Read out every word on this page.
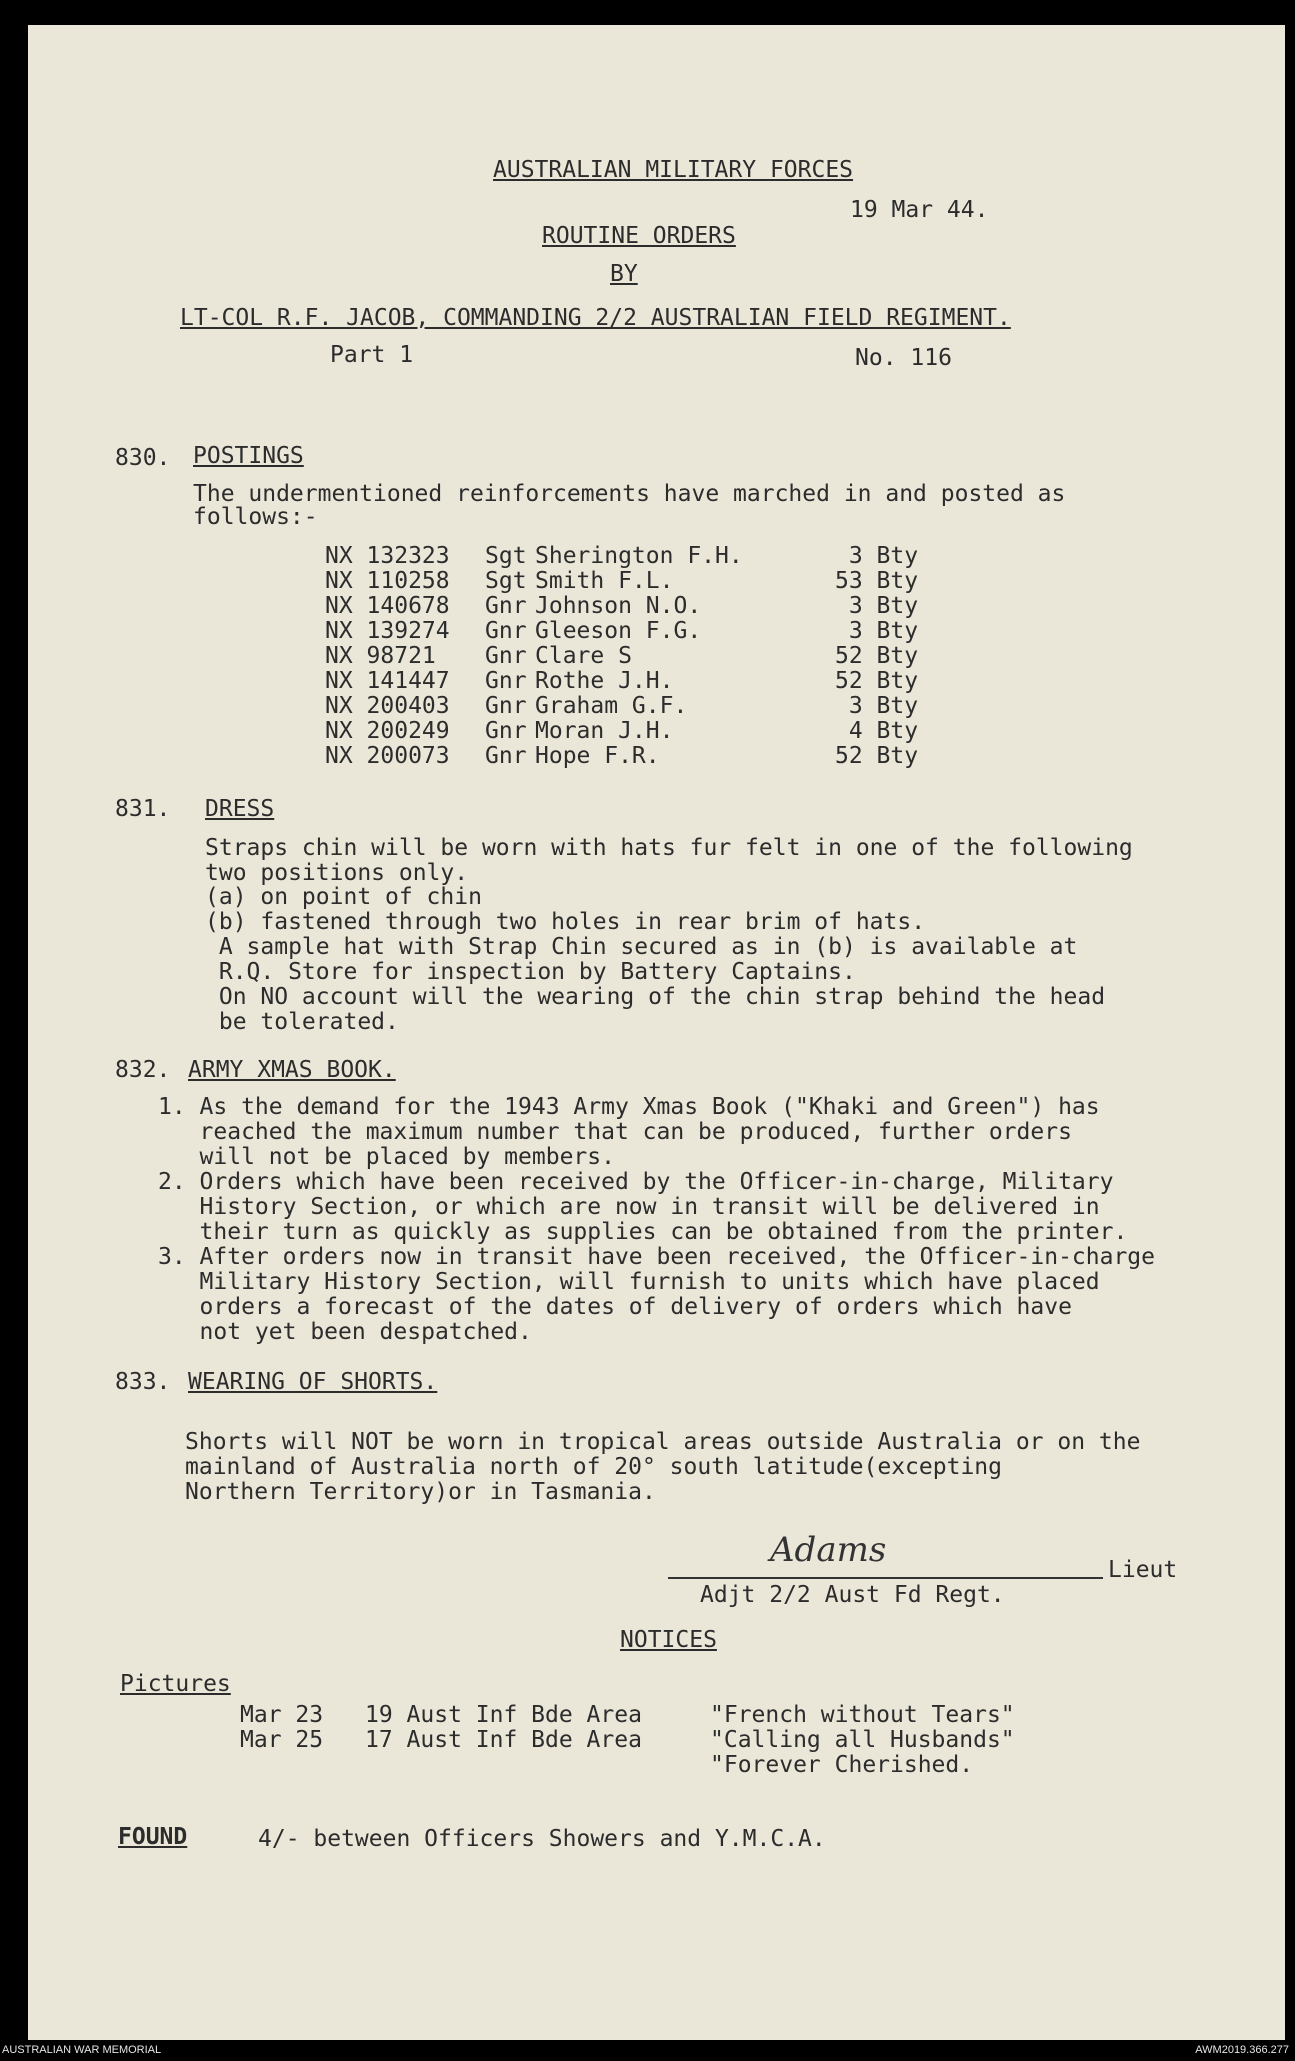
AUSTRALIAN MILITARY FORCES
19 Mar 44.
ROUTINE ORDERS
BY
LT-COL R.F. JACOB, COMMANDING 2/2 AUSTRALIAN FIELD REGIMENT.
Part 1	No. 116
830. POSTINGS
The undermentioned reinforcements have marched in and posted as
follows:-
NX 132323	Sgt	Sherington F.H.	3 Bty
NX 110258	Sgt	Smith F.L.	53 Bty
NX 140678	Gnr	Johnson N.O.	3 Bty
NX 139274	Gnr	Gleeson F.G.	3 Bty
NX 98721	Gnr	Clare S	52 Bty
NX 141447	Gnr	Rothe J.H.	52 Bty
NX 200403	Gnr	Graham G.F.	3 Bty
NX 200249	Gnr	Moran J.H.	4 Bty
NX 200073	Gnr	Hope F.R.	52 Bty
831. DRESS
Straps chin will be worn with hats fur felt in one of the following
two positions only.
(a) on point of chin
(b) fastened through two holes in rear brim of hats.
A sample hat with Strap Chin secured as in (b) is available at
R.Q. Store for inspection by Battery Captains.
On NO account will the wearing of the chin strap behind the head
be tolerated.
832. ARMY XMAS BOOK.
1. As the demand for the 1943 Army Xmas Book ("Khaki and Green") has
reached the maximum number that can be produced, further orders
will not be placed by members.
2. Orders which have been received by the Officer-in-charge, Military
History Section, or which are now in transit will be delivered in
their turn as quickly as supplies can be obtained from the printer.
3. After orders now in transit have been received, the Officer-in-charge
Military History Section, will furnish to units which have placed
orders a forecast of the dates of delivery of orders which have
not yet been despatched.
833. WEARING OF SHORTS.
Shorts will NOT be worn in tropical areas outside Australia or on the
mainland of Australia north of 20° south latitude(excepting
Northern Territory)or in Tasmania.
Adams	Lieut
Adjt 2/2 Aust Fd Regt.
NOTICES
Pictures
Mar 23 19 Aust Inf Bde Area	"French without Tears"
Mar 25 17 Aust Inf Bde Area	"Calling all Husbands"
"Forever Cherished.
FOUND	4/- between Officers Showers and Y.M.C.A.
AUSTRALIAN WAR MEMORIAL	AWM2019.366.277
